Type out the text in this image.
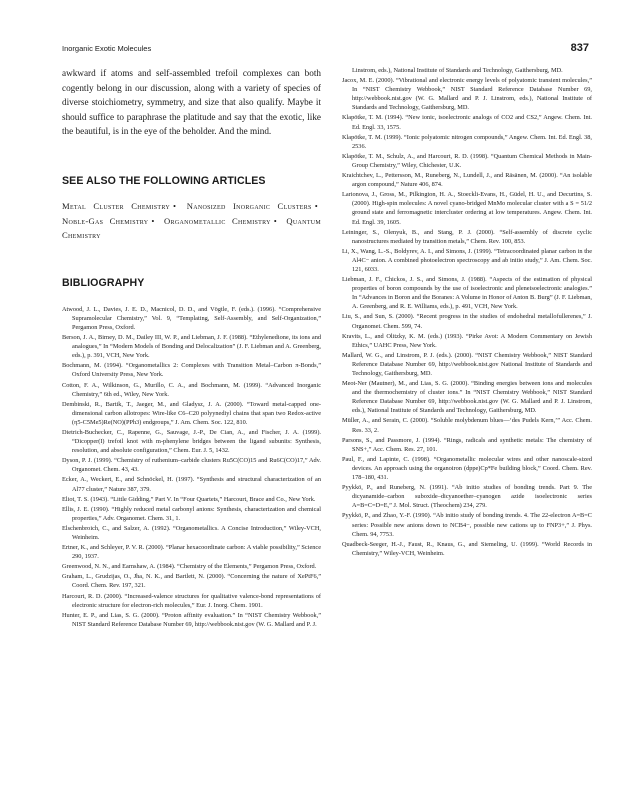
Inorganic Exotic Molecules	837

awkward if atoms and self-assembled trefoil complexes can both cogently belong in our discussion, along with a variety of species of diverse stoichiometry, symmetry, and size that also qualify. Maybe it should suffice to paraphrase the platitude and say that the exotic, like the beautiful, is in the eye of the beholder. And the mind.

SEE ALSO THE FOLLOWING ARTICLES
Metal Cluster Chemistry • Nanosized Inorganic Clusters • Noble-Gas Chemistry • Organometallic Chemistry • Quantum Chemistry
BIBLIOGRAPHY

Atwood, J. L., Davies, J. E. D., Macnicol, D. D., and Vögtle, F. (eds.). (1996). “Comprehensive Supramolecular Chemistry,” Vol. 9, “Templating, Self-Assembly, and Self-Organization,” Pergamon Press, Oxford.

Berson, J. A., Birney, D. M., Dailey III, W. P., and Liebman, J. F. (1988). “Ethylenedione, its ions and analogues,” In “Modern Models of Bonding and Delocalization” (J. F. Liebman and A. Greenberg, eds.), p. 391, VCH, New York.

Bochmann, M. (1994). “Organometallics 2: Complexes with Transition Metal–Carbon π-Bonds,” Oxford University Press, New York.

Cotton, F. A., Wilkinson, G., Murillo, C. A., and Bochmann, M. (1999). “Advanced Inorganic Chemistry,” 6th ed., Wiley, New York.

Dembinski, R., Bartik, T., Jaeger, M., and Gladysz, J. A. (2000). “Toward metal-capped one-dimensional carbon allotropes: Wire-like C6–C20 polyynediyl chains that span two Redox-active (η5-C5Me5)Re(NO)(PPh3) endgroups,” J. Am. Chem. Soc. 122, 810.

Dietrich-Buchecker, C., Rapenne, G., Sauvage, J.-P., De Cian, A., and Fischer, J. A. (1999). “Dicopper(I) trefoil knot with m-phenylene bridges between the ligand subunits: Synthesis, resolution, and absolute configuration,” Chem. Eur. J. 5, 1432.

Dyson, P. J. (1999). “Chemistry of ruthenium–carbide clusters Ru5C(CO)15 and Ru6C(CO)17,” Adv. Organomet. Chem. 43, 43.

Ecker, A., Weckert, E., and Schnöckel, H. (1997). “Synthesis and structural characterization of an Al77 cluster,” Nature 387, 379.

Eliot, T. S. (1943). “Little Gidding,” Part V. In “Four Quartets,” Harcourt, Brace and Co., New York.

Ellis, J. E. (1990). “Highly reduced metal carbonyl anions: Synthesis, characterization and chemical properties,” Adv. Organomet. Chem. 31, 1.

Elschenbroich, C., and Salzer, A. (1992). “Organometallics. A Concise Introduction,” Wiley-VCH, Weinheim.

Ertner, K., and Schleyer, P. V. R. (2000). “Planar hexacoordinate carbon: A viable possibility,” Science 290, 1937.

Greenwood, N. N., and Earnshaw, A. (1984). “Chemistry of the Elements,” Pergamon Press, Oxford.

Graham, L., Grudzijas, O., Jha, N. K., and Bartlett, N. (2000). “Concerning the nature of XePtF6,” Coord. Chem. Rev. 197, 321.

Harcourt, R. D. (2000). “Increased-valence structures for qualitative valence-bond representations of electronic structure for electron-rich molecules,” Eur. J. Inorg. Chem. 1901.

Hunter, E. P., and Lias, S. G. (2000). “Proton affinity evaluation.” In “NIST Chemistry Webbook,” NIST Standard Reference Database Number 69, http://webbook.nist.gov (W. G. Mallard and P. J.

Linstrom, eds.), National Institute of Standards and Technology, Gaithersburg, MD.

Jacox, M. E. (2000). “Vibrational and electronic energy levels of polyatomic transient molecules,” In “NIST Chemistry Webbook,” NIST Standard Reference Database Number 69, http://webbook.nist.gov (W. G. Mallard and P. J. Linstrom, eds.), National Institute of Standards and Technology, Gaithersburg, MD.

Klapötke, T. M. (1994). “New ionic, isoelectronic analogs of CO2 and CS2,” Angew. Chem. Int. Ed. Engl. 33, 1575.

Klapötke, T. M. (1999). “Ionic polyatomic nitrogen compounds,” Angew. Chem. Int. Ed. Engl. 38, 2536.

Klapötke, T. M., Schulz, A., and Harcourt, R. D. (1998). “Quantum Chemical Methods in Main-Group Chemistry,” Wiley, Chichester, U.K.

Kraichtchev, L., Pettersson, M., Runeberg, N., Lundell, J., and Räsänen, M. (2000). “An isolable argon compound,” Nature 406, 874.

Larionova, J., Gross, M., Pilkington, H. A., Stoeckli-Evans, H., Güdel, H. U., and Decurtins, S. (2000). High-spin molecules: A novel cyano-bridged MnMo molecular cluster with a S = 51/2 ground state and ferromagnetic intercluster ordering at low temperatures. Angew. Chem. Int. Ed. Engl. 39, 1605.

Leininger, S., Olenyuk, B., and Stang, P. J. (2000). “Self-assembly of discrete cyclic nanostructures mediated by transition metals,” Chem. Rev. 100, 853.

Li, X., Wang, L.-S., Boldyrev, A. I., and Simons, J. (1999). “Tetracoordinated planar carbon in the Al4C− anion. A combined photoelectron spectroscopy and ab initio study,” J. Am. Chem. Soc. 121, 6033.

Liebman, J. F., Chickos, J. S., and Simons, J. (1988). “Aspects of the estimation of physical properties of boron compounds by the use of isoelectronic and pleneisoelectronic analogies.” In “Advances in Boron and the Boranes: A Volume in Honor of Anton B. Burg” (J. F. Liebman, A. Greenberg, and R. E. Williams, eds.), p. 491, VCH, New York.

Liu, S., and Sun, S. (2000). “Recent progress in the studies of endohedral metallofullerenes,” J. Organomet. Chem. 599, 74.

Kravits, L., and Olitzky, K. M. (eds.) (1993). “Pirke Avot: A Modern Commentary on Jewish Ethics,” UAHC Press, New York.

Mallard, W. G., and Linstrom, P. J. (eds.). (2000). “NIST Chemistry Webbook,” NIST Standard Reference Database Number 69, http://webbook.nist.gov National Institute of Standards and Technology, Gaithersburg, MD.

Meot-Ner (Mautner), M., and Lias, S. G. (2000). “Binding energies between ions and molecules and the thermochemistry of cluster ions.” In “NIST Chemistry Webbook,” NIST Standard Reference Database Number 69, http://webbook.nist.gov (W. G. Mallard and P. J. Linstrom, eds.), National Institute of Standards and Technology, Gaithersburg, MD.

Müller, A., and Serain, C. (2000). “Soluble molybdenum blues—‘des Pudels Kern,’” Acc. Chem. Res. 33, 2.

Parsons, S., and Passmore, J. (1994). “Rings, radicals and synthetic metals: The chemistry of SNS+,” Acc. Chem. Res. 27, 101.

Paul, F., and Lapinte, C. (1998). “Organometallic molecular wires and other nanoscale-sized devices. An approach using the organoiron (dppe)Cp*Fe building block,” Coord. Chem. Rev. 178–180, 431.

Pyykkö, P., and Runeberg, N. (1991). “Ab initio studies of bonding trends. Part 9. The dicyanamide–carbon suboxide–dicyanoether–cyanogen azide isoelectronic series A=B=C=D=E,” J. Mol. Struct. (Theochem) 234, 279.

Pyykkö, P., and Zhao, Y.-F. (1990). “Ab initio study of bonding trends. 4. The 22-electron A=B=C series: Possible new anions down to NCB4−, possible new cations up to FNP3+,” J. Phys. Chem. 94, 7753.

Quadbeck-Seeger, H.-J., Faust, R., Knaus, G., and Siemeling, U. (1999). “World Records in Chemistry,” Wiley-VCH, Weinheim.
